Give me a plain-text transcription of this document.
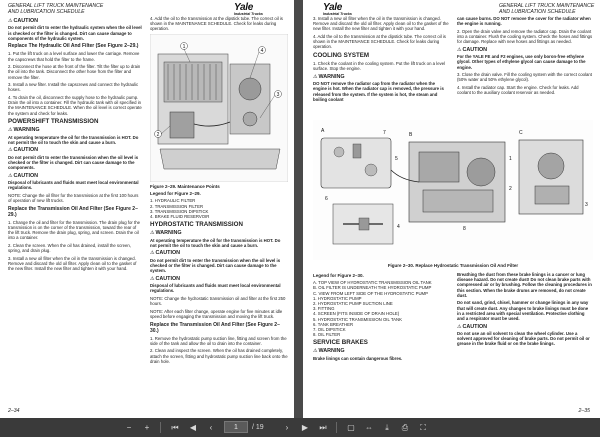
GENERAL LIFT TRUCK MAINTENANCE
AND LUBRICATION SCHEDULE	Yale
Industrial Trucks
⚠CAUTION

Do not permit dirt to enter the hydraulic system when the oil level is checked or the filter is changed. Dirt can cause damage to components of the hydraulic system.

Replace The Hydraulic Oil And Filter (See Figure 2–29.)

1. Put the lift truck on a level surface and lower the carriage. Remove the capscrews that hold the filter to the frame.

2. Disconnect the hose at the front of the filter. Tilt the filter up to drain the oil into the tank. Disconnect the other hose from the filter and remove the filter.

3. Install a new filter. Install the capscrews and connect the hydraulic hoses.

4. To drain the oil, disconnect the supply hose to the hydraulic pump. Drain the oil into a container. Fill the hydraulic tank with oil specified in the MAINTENANCE SCHEDULE. When the oil level is correct operate the system and check for leaks.

POWERSHIFT TRANSMISSION
⚠WARNING

At operating temperature the oil for the transmission is HOT. Do not permit the oil to touch the skin and cause a burn.

⚠CAUTION

Do not permit dirt to enter the transmission when the oil level is checked or the filter is changed. Dirt can cause damage to the components.

⚠CAUTION

Disposal of lubricants and fluids must meet local environmental regulations.

NOTE: Change the oil filter for the transmission at the first 100 hours of operation of new lift trucks.

Replace the Transmission Oil And Filter (See Figure 2–29.)

1. Change the oil and filter for the transmission. The drain plug for the transmission is on the corner of the transmission, toward the rear of the lift truck. Remove the drain plug, spring, and screen. Drain the oil into a container.

2. Clean the screen. When the oil has drained, install the screen, spring, and drain plug.

3. Install a new oil filter when the oil in the transmission is changed. Remove and discard the old oil filter. Apply clean oil to the gasket of the new filter. Install the new filter and tighten it with your hand.

4. Add the oil to the transmission at the dipstick tube. The correct oil is shown in the MAINTENANCE SCHEDULE. Check for leaks during operation.

1
4
3
2
Figure 2–29. Maintenance Points
Legend for Figure 2–29.
1. HYDRAULIC FILTER
2. TRANSMISSION FILTER
3. TRANSMISSION DIPSTICK
4. BRAKE FLUID RESERVOIR
HYDROSTATIC TRANSMISSION
⚠WARNING

At operating temperature the oil for the transmission is HOT. Do not permit the oil to touch the skin and cause a burn.

⚠CAUTION

Do not permit dirt to enter the transmission when the oil level is checked or the filter is changed. Dirt can cause damage to the system.

⚠CAUTION

Disposal of lubricants and fluids must meet local environmental regulations.

NOTE: Change the hydrostatic transmission oil and filter at the first 250 hours.

NOTE: After each filter change, operate engine for five minutes at idle speed before engaging the transmission and moving the lift truck.

Replace the Transmission Oil And Filter (See Figure 2–30.)

1. Remove the hydrostatic pump suction line, fitting and screen from the side of the tank and allow the oil to drain into the container.

2. Clean and inspect the screen. When the oil has drained completely, attach the screen, fitting and hydrostatic pump suction line back onto the drain hole.

2–34
Yale
Industrial Trucks
GENERAL LIFT TRUCK MAINTENANCE
AND LUBRICATION SCHEDULE

3. Install a new oil filter when the oil in the transmission is changed. Remove and discard the old oil filter. Apply clean oil to the gasket of the new filter. Install the new filter and tighten it with your hand.

4. Add the oil to the transmission at the dipstick tube. The correct oil is shown in the MAINTENANCE SCHEDULE. Check for leaks during operation.

COOLING SYSTEM

1. Check the coolant in the cooling system. Put the lift truck on a level surface. Stop the engine.

⚠WARNING

DO NOT remove the radiator cap from the radiator when the engine is hot. When the radiator cap is removed, the pressure is released from the system. If the system is hot, the steam and boiling coolant

can cause burns. DO NOT remove the cover for the radiator when the engine is running.

2. Open the drain valve and remove the radiator cap. Drain the coolant into a container. Flush the cooling system. Check the hoses and fittings for damage. Replace with new hoses and fittings as needed.

⚠CAUTION

For the YALE FE and F2 engines, use only boron-free ethylene glycol. Other types of ethylene glycol can cause damage to the engine.

3. Close the drain valve. Fill the cooling system with the correct coolant (50% water and 50% ethylene glycol).

4. Install the radiator cap. Start the engine. Check for leaks. Add coolant to the auxiliary coolant reservoir as needed.

A
B	C
5
6
4	8
1
2
3
7
Figure 2–30. Replace Hydrostatic Transmission Oil And Filter
Legend for Figure 2–30.
A. TOP VIEW OF HYDROSTATIC TRANSMISSION OIL TANK
B. OIL FILTER IS UNDERNEATH THE HYDROSTATIC PUMP
C. VIEW FROM LEFT SIDE OF THE HYDROSTATIC PUMP
1. HYDROSTATIC PUMP
2. HYDROSTATIC PUMP SUCTION LINE
3. FITTING
4. SCREEN (FITS INSIDE OF DRAIN HOLE)
5. HYDROSTATIC TRANSMISSION OIL TANK
6. TANK BREATHER
7. OIL DIPSTICK
8. OIL FILTER
SERVICE BRAKES
⚠WARNING

Brake linings can contain dangerous fibres.

Breathing the dust from these brake linings is a cancer or lung disease hazard. Do not create dust! Do not clean brake parts with compressed air or by brushing. Follow the cleaning procedures in this section. When the brake drums are removed, do not create dust.

Do not sand, grind, chisel, hammer or change linings in any way that will create dust. Any changes to brake linings must be done in a restricted area with special ventilation. Protective clothing and a respirator must be used.

⚠CAUTION

Do not use an oil solvent to clean the wheel cylinder. Use a solvent approved for cleaning of brake parts. Do not permit oil or grease in the brake fluid or on the brake linings.

2–35
−	+	⏮	◀	‹	1	/ 19	›	▶	⏭	▢	⇔	⤓	⎙	⛶
